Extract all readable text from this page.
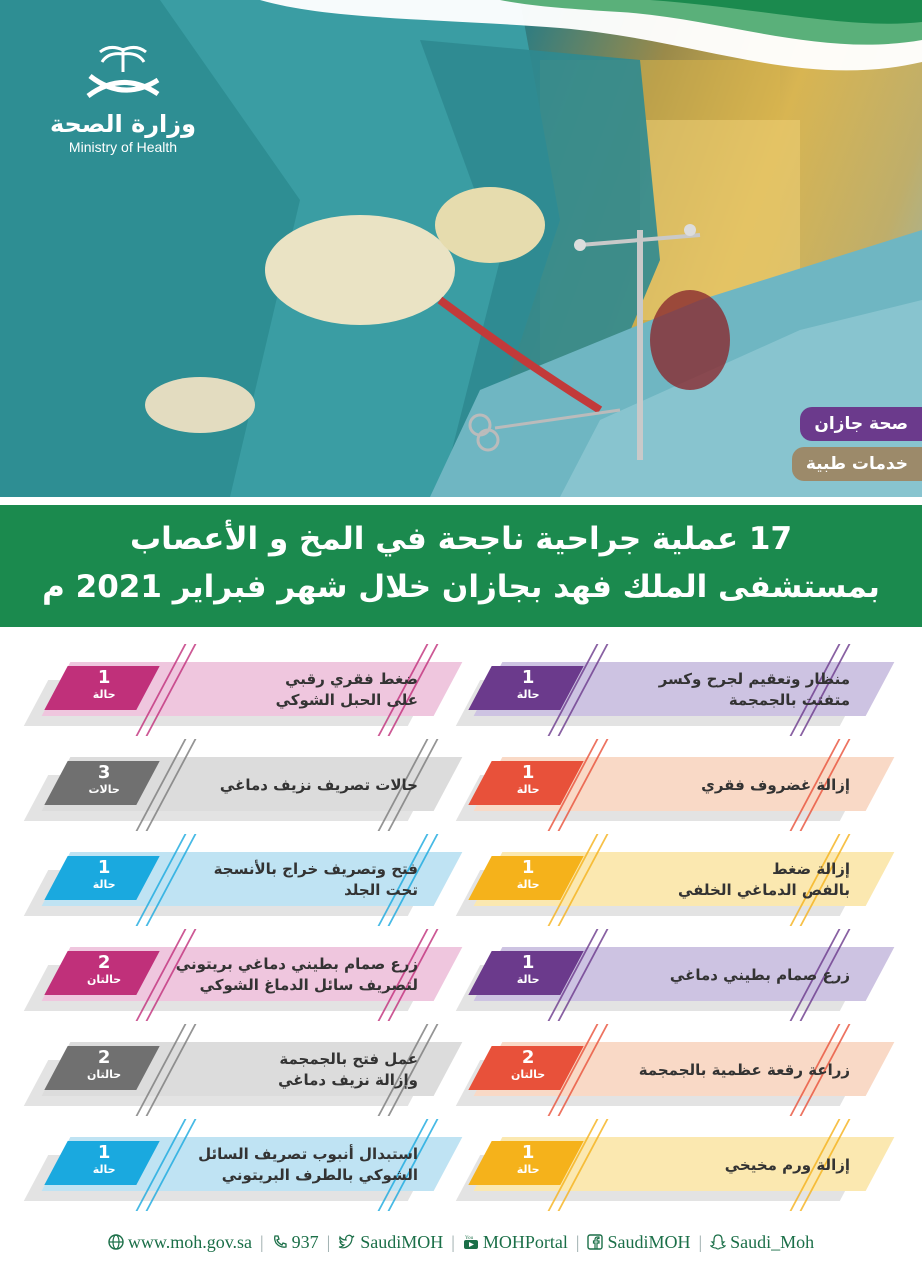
وزارة الصحة
Ministry of Health
صحة جازان
خدمات طبية
17 عملية جراحية ناجحة في المخ و الأعصاب
بمستشفى الملك فهد بجازان خلال شهر فبراير 2021 م
1
حالة
منظار وتعقيم لجرح وكسر
متفتت بالجمجمة
1
حالة
ضغط فقري رقبي
على الحبل الشوكي
1
حالة	إزالة غضروف فقري
3
حالات	حالات تصريف نزيف دماغي
1
حالة
إزالة ضغط
بالفص الدماغي الخلفي
1
حالة
فتح وتصريف خراج بالأنسجة
تحت الجلد
1
حالة	زرع صمام بطيني دماغي
2
حالتان
زرع صمام بطيني دماغي بريتوني
لتصريف سائل الدماغ الشوكي
2
حالتان	زراعة رقعة عظمية بالجمجمة
2
حالتان
عمل فتح بالجمجمة
وإزالة نزيف دماغي
1
حالة	إزالة ورم مخيخي
1
حالة
استبدال أنبوب تصريف السائل
الشوكي بالطرف البريتوني
www.moh.gov.sa | 937 | SaudiMOH |	You MOHPortal | SaudiMOH | Saudi_Moh
